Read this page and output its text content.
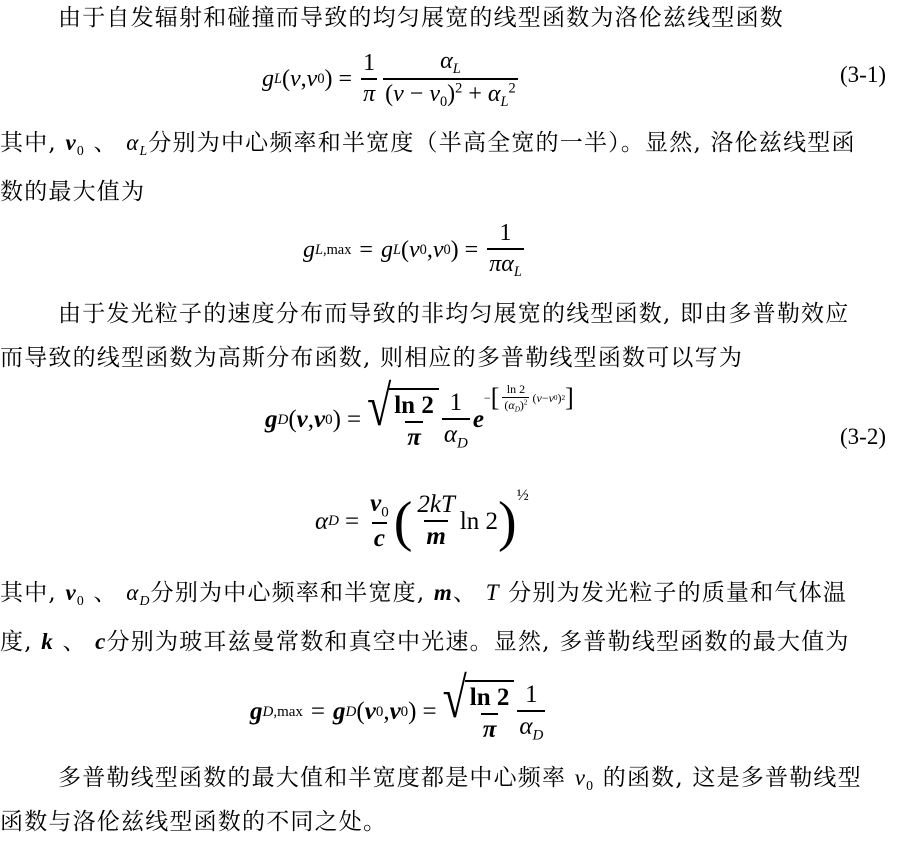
由于自发辐射和碰撞而导致的均匀展宽的线型函数为洛伦兹线型函数
g L ( ν , ν 0 ) = $\frac{1}{\pi} \frac{\alpha_L}{(\nu - \nu_0)^2 + \alpha_L^2}$	(3-1)
其中, $\nu_0$ 、 $\alpha_L$分别为中心频率和半宽度（半高全宽的一半）。显然, 洛伦兹线型函
数的最大值为
g L,max = g L ( ν 0 , ν 0 ) = $\frac{1}{\pi\alpha_L}$
由于发光粒子的速度分布而导致的非均匀展宽的线型函数, 即由多普勒效应
而导致的线型函数为高斯分布函数, 则相应的多普勒线型函数可以写为
g D ( ν , ν 0 ) = √ $\frac{\ln 2}{\pi} \frac{1}{\alpha_D}$ e
− [ $\frac{\ln 2}{(\alpha_D)^2}$ ( ν − ν 0 ) 2 ]
(3-2)
α $D = \frac{\nu_0}{c}$ ( $\frac{2kT}{m}$ ln 2 ) ½
其中, $\nu_0$ 、 $\alpha_D$分别为中心频率和半宽度, m、 T 分别为发光粒子的质量和气体温
度, k 、 c分别为玻耳兹曼常数和真空中光速。显然, 多普勒线型函数的最大值为
g D,max = g D ( ν 0 , ν 0 ) = √ $\frac{\ln 2}{\pi} \frac{1}{\alpha_D}$
多普勒线型函数的最大值和半宽度都是中心频率 $\nu_0$ 的函数, 这是多普勒线型
函数与洛伦兹线型函数的不同之处。
